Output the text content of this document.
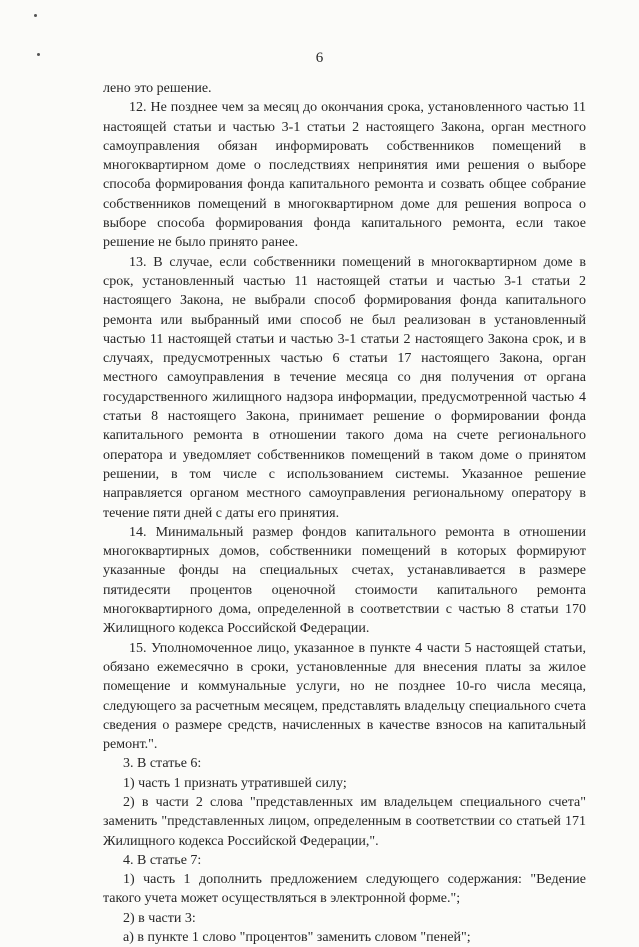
6

лено это решение.

12. Не позднее чем за месяц до окончания срока, установленного частью 11 настоящей статьи и частью 3-1 статьи 2 настоящего Закона, орган местного самоуправления обязан информировать собственников помещений в многоквартирном доме о последствиях непринятия ими решения о выборе способа формирования фонда капитального ремонта и созвать общее собрание собственников помещений в многоквартирном доме для решения вопроса о выборе способа формирования фонда капитального ремонта, если такое решение не было принято ранее.

13. В случае, если собственники помещений в многоквартирном доме в срок, установленный частью 11 настоящей статьи и частью 3-1 статьи 2 настоящего Закона, не выбрали способ формирования фонда капитального ремонта или выбранный ими способ не был реализован в установленный частью 11 настоящей статьи и частью 3-1 статьи 2 настоящего Закона срок, и в случаях, предусмотренных частью 6 статьи 17 настоящего Закона, орган местного самоуправления в течение месяца со дня получения от органа государственного жилищного надзора информации, предусмотренной частью 4 статьи 8 настоящего Закона, принимает решение о формировании фонда капитального ремонта в отношении такого дома на счете регионального оператора и уведомляет собственников помещений в таком доме о принятом решении, в том числе с использованием системы. Указанное решение направляется органом местного самоуправления региональному оператору в течение пяти дней с даты его принятия.

14. Минимальный размер фондов капитального ремонта в отношении многоквартирных домов, собственники помещений в которых формируют указанные фонды на специальных счетах, устанавливается в размере пятидесяти процентов оценочной стоимости капитального ремонта многоквартирного дома, определенной в соответствии с частью 8 статьи 170 Жилищного кодекса Российской Федерации.

15. Уполномоченное лицо, указанное в пункте 4 части 5 настоящей статьи, обязано ежемесячно в сроки, установленные для внесения платы за жилое помещение и коммунальные услуги, но не позднее 10-го числа месяца, следующего за расчетным месяцем, представлять владельцу специального счета сведения о размере средств, начисленных в качестве взносов на капитальный ремонт.".

3. В статье 6:

1) часть 1 признать утратившей силу;

2) в части 2 слова "представленных им владельцем специального счета" заменить "представленных лицом, определенным в соответствии со статьей 171 Жилищного кодекса Российской Федерации,".

4. В статье 7:

1) часть 1 дополнить предложением следующего содержания: "Ведение такого учета может осуществляться в электронной форме.";

2) в части 3:

а) в пункте 1 слово "процентов" заменить словом "пеней";
